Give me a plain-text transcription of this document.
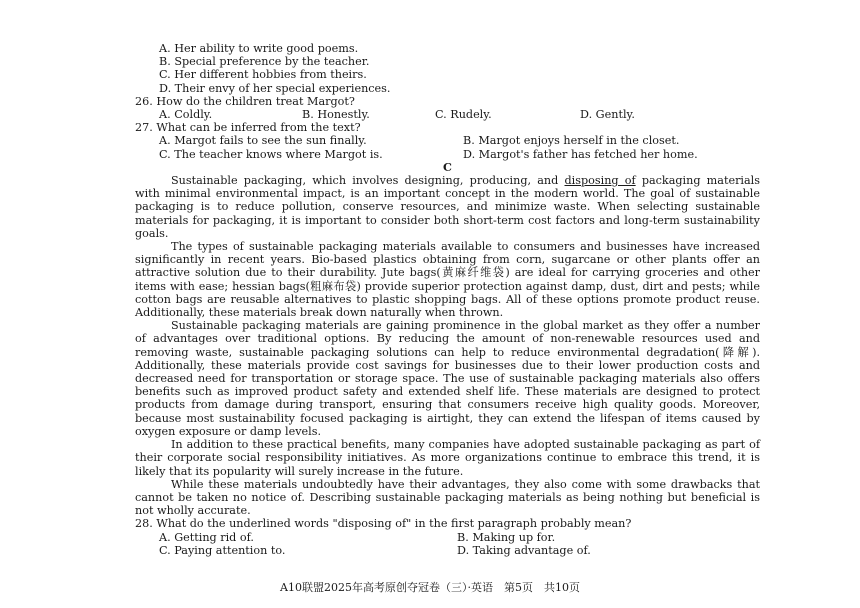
A. Her ability to write good poems.
B. Special preference by the teacher.
C. Her different hobbies from theirs.
D. Their envy of her special experiences.
26. How do the children treat Margot?
A. Coldly.	B. Honestly.	C. Rudely.	D. Gently.
27. What can be inferred from the text?
A. Margot fails to see the sun finally.	B. Margot enjoys herself in the closet.
C. The teacher knows where Margot is.	D. Margot's father has fetched her home.
C

Sustainable packaging, which involves designing, producing, and disposing of packaging materials with minimal environmental impact, is an important concept in the modern world. The goal of sustainable packaging is to reduce pollution, conserve resources, and minimize waste. When selecting sustainable materials for packaging, it is important to consider both short-term cost factors and long-term sustainability goals.

The types of sustainable packaging materials available to consumers and businesses have increased significantly in recent years. Bio-based plastics obtaining from corn, sugarcane or other plants offer an attractive solution due to their durability. Jute bags(黄麻纤维袋) are ideal for carrying groceries and other items with ease; hessian bags(粗麻布袋) provide superior protection against damp, dust, dirt and pests; while cotton bags are reusable alternatives to plastic shopping bags. All of these options promote product reuse. Additionally, these materials break down naturally when thrown.

Sustainable packaging materials are gaining prominence in the global market as they offer a number of advantages over traditional options. By reducing the amount of non-renewable resources used and removing waste, sustainable packaging solutions can help to reduce environmental degradation(降解). Additionally, these materials provide cost savings for businesses due to their lower production costs and decreased need for transportation or storage space. The use of sustainable packaging materials also offers benefits such as improved product safety and extended shelf life. These materials are designed to protect products from damage during transport, ensuring that consumers receive high quality goods. Moreover, because most sustainability focused packaging is airtight, they can extend the lifespan of items caused by oxygen exposure or damp levels.

In addition to these practical benefits, many companies have adopted sustainable packaging as part of their corporate social responsibility initiatives. As more organizations continue to embrace this trend, it is likely that its popularity will surely increase in the future.

While these materials undoubtedly have their advantages, they also come with some drawbacks that cannot be taken no notice of. Describing sustainable packaging materials as being nothing but beneficial is not wholly accurate.

28. What do the underlined words "disposing of" in the first paragraph probably mean?
A. Getting rid of.	B. Making up for.
C. Paying attention to.	D. Taking advantage of.
A10联盟2025年高考原创夺冠卷（三）·英语　第5页　共10页
